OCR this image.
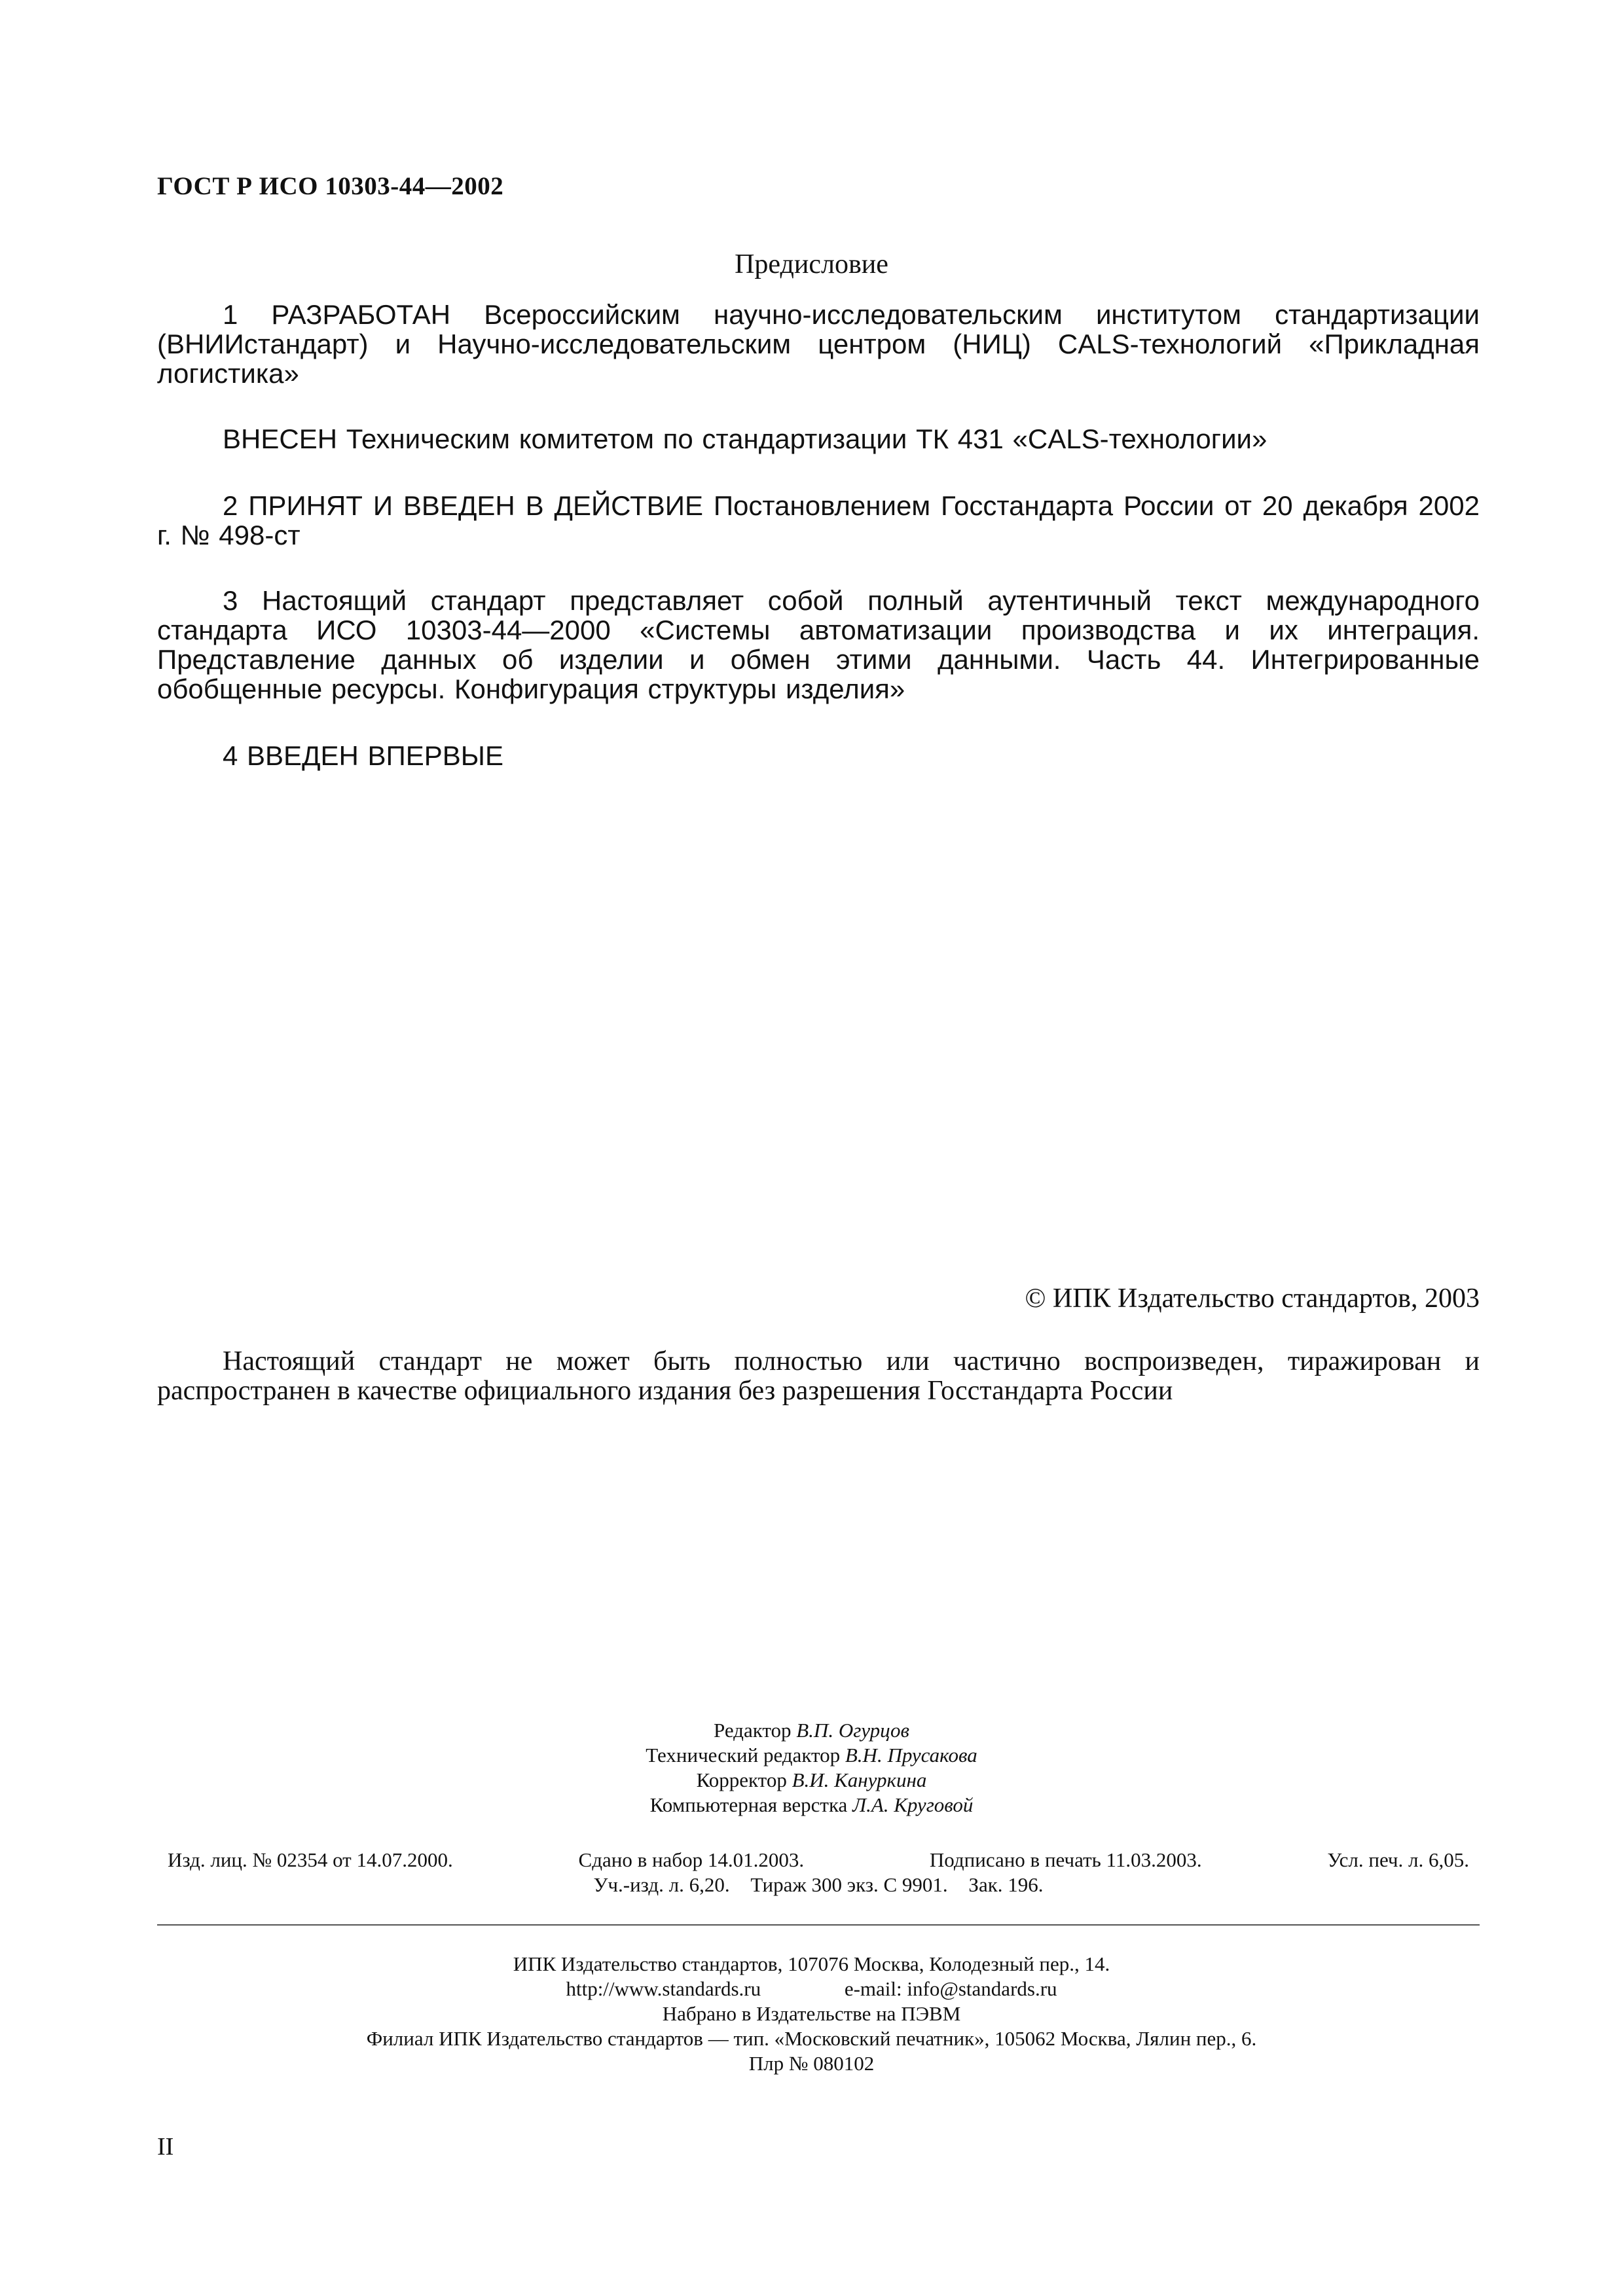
ГОСТ Р ИСО 10303-44—2002
Предисловие
1 РАЗРАБОТАН Всероссийским научно-исследовательским институтом стандартизации (ВНИИстандарт) и Научно-исследовательским центром (НИЦ) CALS-технологий «Прикладная логистика»
ВНЕСЕН Техническим комитетом по стандартизации ТК 431 «CALS-технологии»
2 ПРИНЯТ И ВВЕДЕН В ДЕЙСТВИЕ Постановлением Госстандарта России от 20 декабря 2002 г. № 498-ст
3 Настоящий стандарт представляет собой полный аутентичный текст международного стандарта ИСО 10303-44—2000 «Системы автоматизации производства и их интеграция. Представление данных об изделии и обмен этими данными. Часть 44. Интегрированные обобщенные ресурсы. Конфигурация структуры изделия»
4 ВВЕДЕН ВПЕРВЫЕ
© ИПК Издательство стандартов, 2003
Настоящий стандарт не может быть полностью или частично воспроизведен, тиражирован и распространен в качестве официального издания без разрешения Госстандарта России
Редактор В.П. Огурцов
Технический редактор В.Н. Прусакова
Корректор В.И. Кануркина
Компьютерная верстка Л.А. Круговой
Изд. лиц. № 02354 от 14.07.2000.	Сдано в набор 14.01.2003.	Подписано в печать 11.03.2003.	Усл. печ. л. 6,05.
Уч.-изд. л. 6,20. Тираж 300 экз. С 9901. Зак. 196.
ИПК Издательство стандартов, 107076 Москва, Колодезный пер., 14.
http://www.standards.ru	e-mail: info@standards.ru
Набрано в Издательстве на ПЭВМ
Филиал ИПК Издательство стандартов — тип. «Московский печатник», 105062 Москва, Лялин пер., 6.
Плр № 080102
II
